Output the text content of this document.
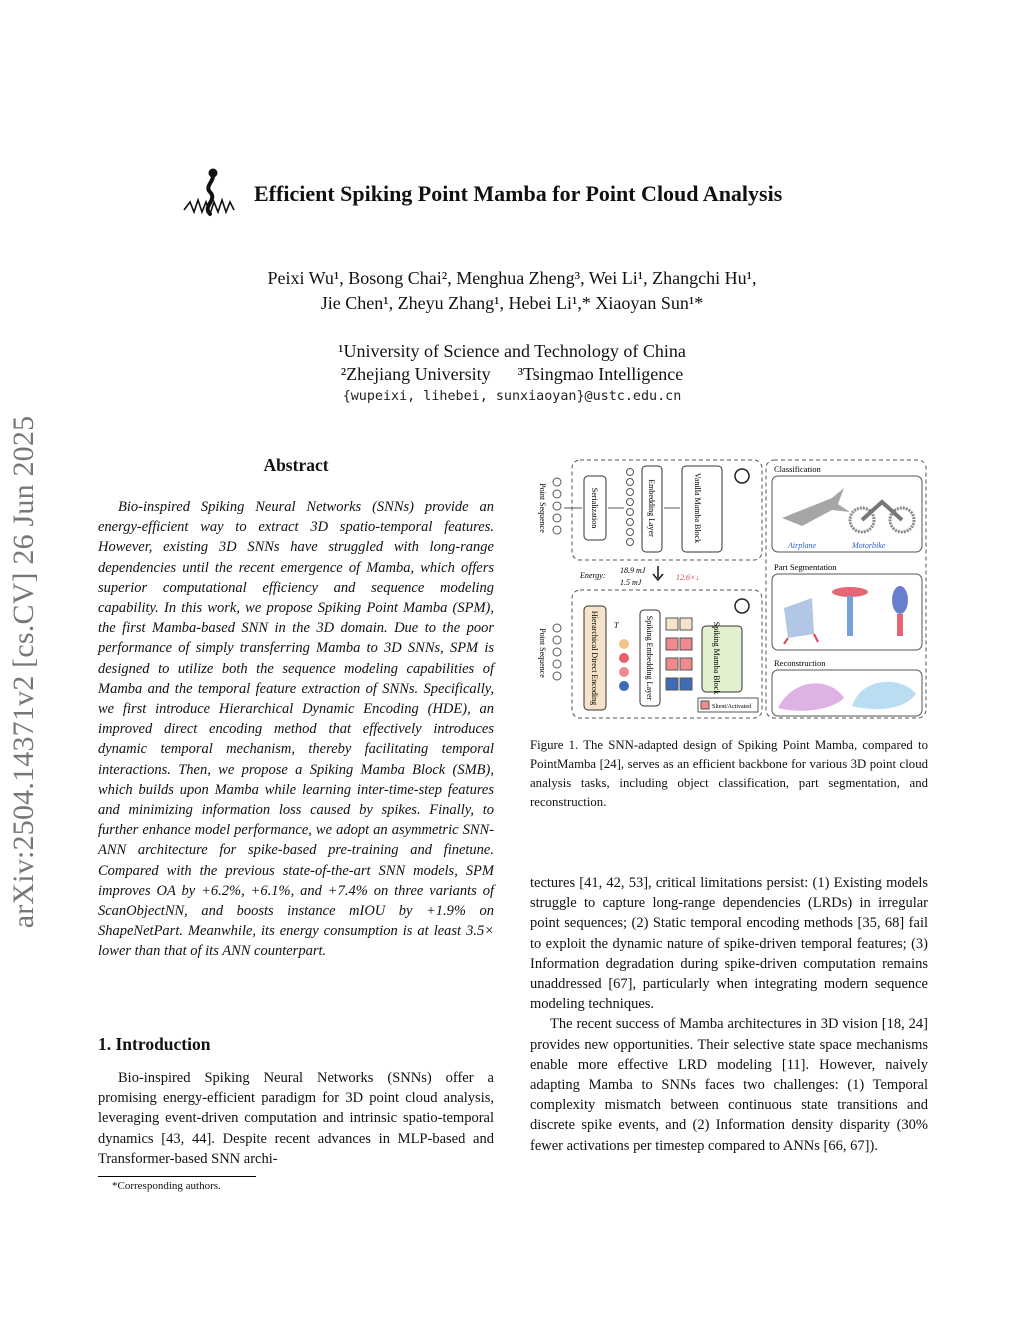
arXiv:2504.14371v2 [cs.CV] 26 Jun 2025
Efficient Spiking Point Mamba for Point Cloud Analysis
Peixi Wu¹, Bosong Chai², Menghua Zheng³, Wei Li¹, Zhangchi Hu¹,
Jie Chen¹, Zheyu Zhang¹, Hebei Li¹,* Xiaoyan Sun¹*
¹University of Science and Technology of China
²Zhejiang University      ³Tsingmao Intelligence
{wupeixi, lihebei, sunxiaoyan}@ustc.edu.cn
Abstract

Bio-inspired Spiking Neural Networks (SNNs) provide an energy-efficient way to extract 3D spatio-temporal features. However, existing 3D SNNs have struggled with long-range dependencies until the recent emergence of Mamba, which offers superior computational efficiency and sequence modeling capability. In this work, we propose Spiking Point Mamba (SPM), the first Mamba-based SNN in the 3D domain. Due to the poor performance of simply transferring Mamba to 3D SNNs, SPM is designed to utilize both the sequence modeling capabilities of Mamba and the temporal feature extraction of SNNs. Specifically, we first introduce Hierarchical Dynamic Encoding (HDE), an improved direct encoding method that effectively introduces dynamic temporal mechanism, thereby facilitating temporal interactions. Then, we propose a Spiking Mamba Block (SMB), which builds upon Mamba while learning inter-time-step features and minimizing information loss caused by spikes. Finally, to further enhance model performance, we adopt an asymmetric SNN-ANN architecture for spike-based pre-training and finetune. Compared with the previous state-of-the-art SNN models, SPM improves OA by +6.2%, +6.1%, and +7.4% on three variants of ScanObjectNN, and boosts instance mIOU by +1.9% on ShapeNetPart. Meanwhile, its energy consumption is at least 3.5× lower than that of its ANN counterpart.

1. Introduction

Bio-inspired Spiking Neural Networks (SNNs) offer a promising energy-efficient paradigm for 3D point cloud analysis, leveraging event-driven computation and intrinsic spatio-temporal dynamics [43, 44]. Despite recent advances in MLP-based and Transformer-based SNN archi-

*Corresponding authors.
Point Sequence	Serialization	Embedding Layer	Vanilla Mamba Block
Energy:
18.9 mJ
1.5 mJ
12.6×↓
Point Sequence	Hierarchical Direct Encoding T	Spiking Embedding Layer	Spiking Mamba Block
Slient/Activated
Classification
Airplane	Motorbike
Part Segmentation
Reconstruction
Figure 1. The SNN-adapted design of Spiking Point Mamba, compared to PointMamba [24], serves as an efficient backbone for various 3D point cloud analysis tasks, including object classification, part segmentation, and reconstruction.

tectures [41, 42, 53], critical limitations persist: (1) Existing models struggle to capture long-range dependencies (LRDs) in irregular point sequences; (2) Static temporal encoding methods [35, 68] fail to exploit the dynamic nature of spike-driven temporal features; (3) Information degradation during spike-driven computation remains unaddressed [67], particularly when integrating modern sequence modeling techniques.

The recent success of Mamba architectures in 3D vision [18, 24] provides new opportunities. Their selective state space mechanisms enable more effective LRD modeling [11]. However, naively adapting Mamba to SNNs faces two challenges: (1) Temporal complexity mismatch between continuous state transitions and discrete spike events, and (2) Information density disparity (30% fewer activations per timestep compared to ANNs [66, 67]).
